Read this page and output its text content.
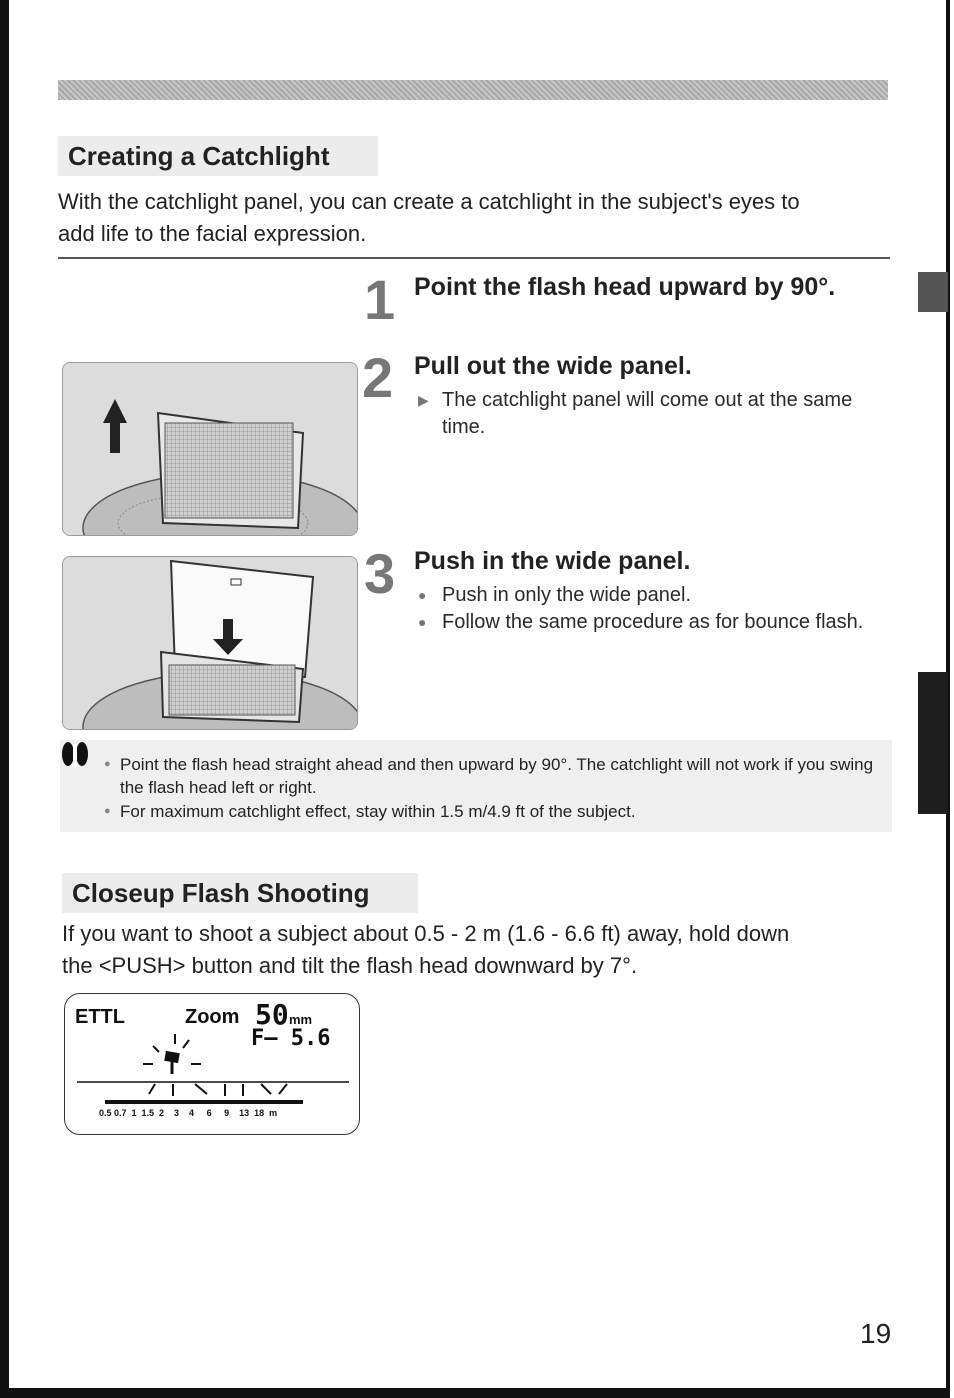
Creating a Catchlight
With the catchlight panel, you can create a catchlight in the subject's eyes to
add life to the facial expression.
1 Point the flash head upward by 90°.
2 Pull out the wide panel.
▶ The catchlight panel will come out at the same time.
3 Push in the wide panel.
● Push in only the wide panel.
● Follow the same procedure as for bounce flash.
● Point the flash head straight ahead and then upward by 90°. The catchlight will not work if you swing the flash head left or right.
● For maximum catchlight effect, stay within 1.5 m/4.9 ft of the subject.
Closeup Flash Shooting
If you want to shoot a subject about 0.5 - 2 m (1.6 - 6.6 ft) away, hold down
the <PUSH> button and tilt the flash head downward by 7°.
ETTL	Zoom 50 mm
F– 5.6
0.5 0.7  1  1.5  2    3    4     6     9    13  18  m
19
